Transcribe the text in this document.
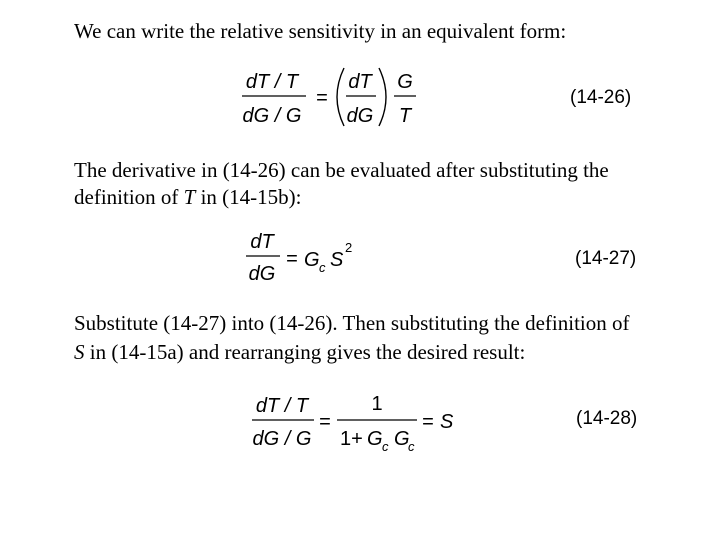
We can write the relative sensitivity in an equivalent form:
dT / T
dG / G
dT
dG
G
T
=	(14-26)
The derivative in (14-26) can be evaluated after substituting the
definition of T in (14-15b):
dT
dG
G S
= c
2
(14-27)
Substitute (14-27) into (14-26). Then substituting the definition of
S in (14-15a) and rearranging gives the desired result:
dT / T
dG / G	G G
S
=
1
1+ c c
=	(14-28)
